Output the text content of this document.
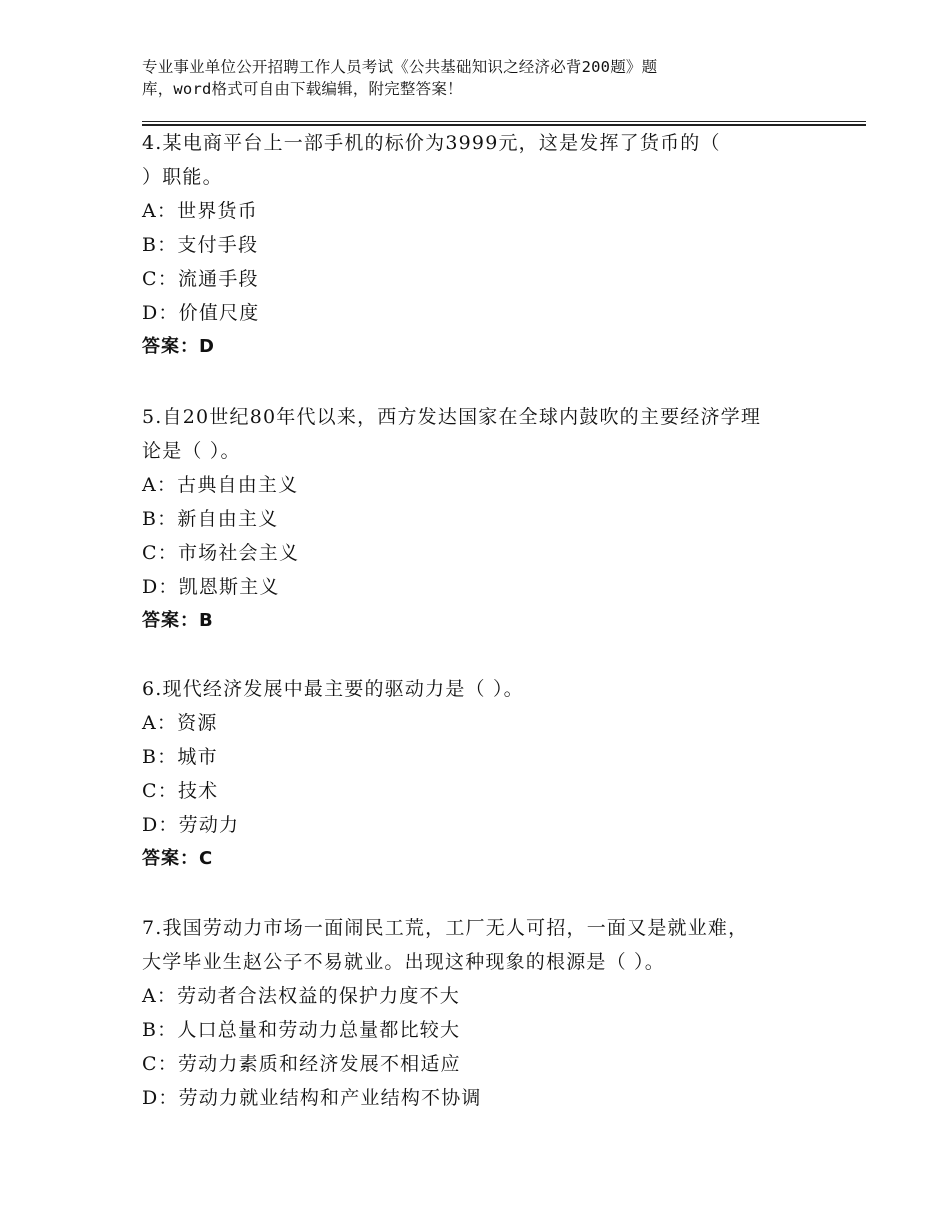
专业事业单位公开招聘工作人员考试《公共基础知识之经济必背200题》题
库，word格式可自由下载编辑，附完整答案！
4.某电商平台上一部手机的标价为3999元，这是发挥了货币的（
）职能。
A：世界货币
B：支付手段
C：流通手段
D：价值尺度
答案：D
5.自20世纪80年代以来，西方发达国家在全球内鼓吹的主要经济学理
论是（ ）。
A：古典自由主义
B：新自由主义
C：市场社会主义
D：凯恩斯主义
答案：B
6.现代经济发展中最主要的驱动力是（ ）。
A：资源
B：城市
C：技术
D：劳动力
答案：C
7.我国劳动力市场一面闹民工荒，工厂无人可招，一面又是就业难，
大学毕业生赵公子不易就业。出现这种现象的根源是（ ）。
A：劳动者合法权益的保护力度不大
B：人口总量和劳动力总量都比较大
C：劳动力素质和经济发展不相适应
D：劳动力就业结构和产业结构不协调
